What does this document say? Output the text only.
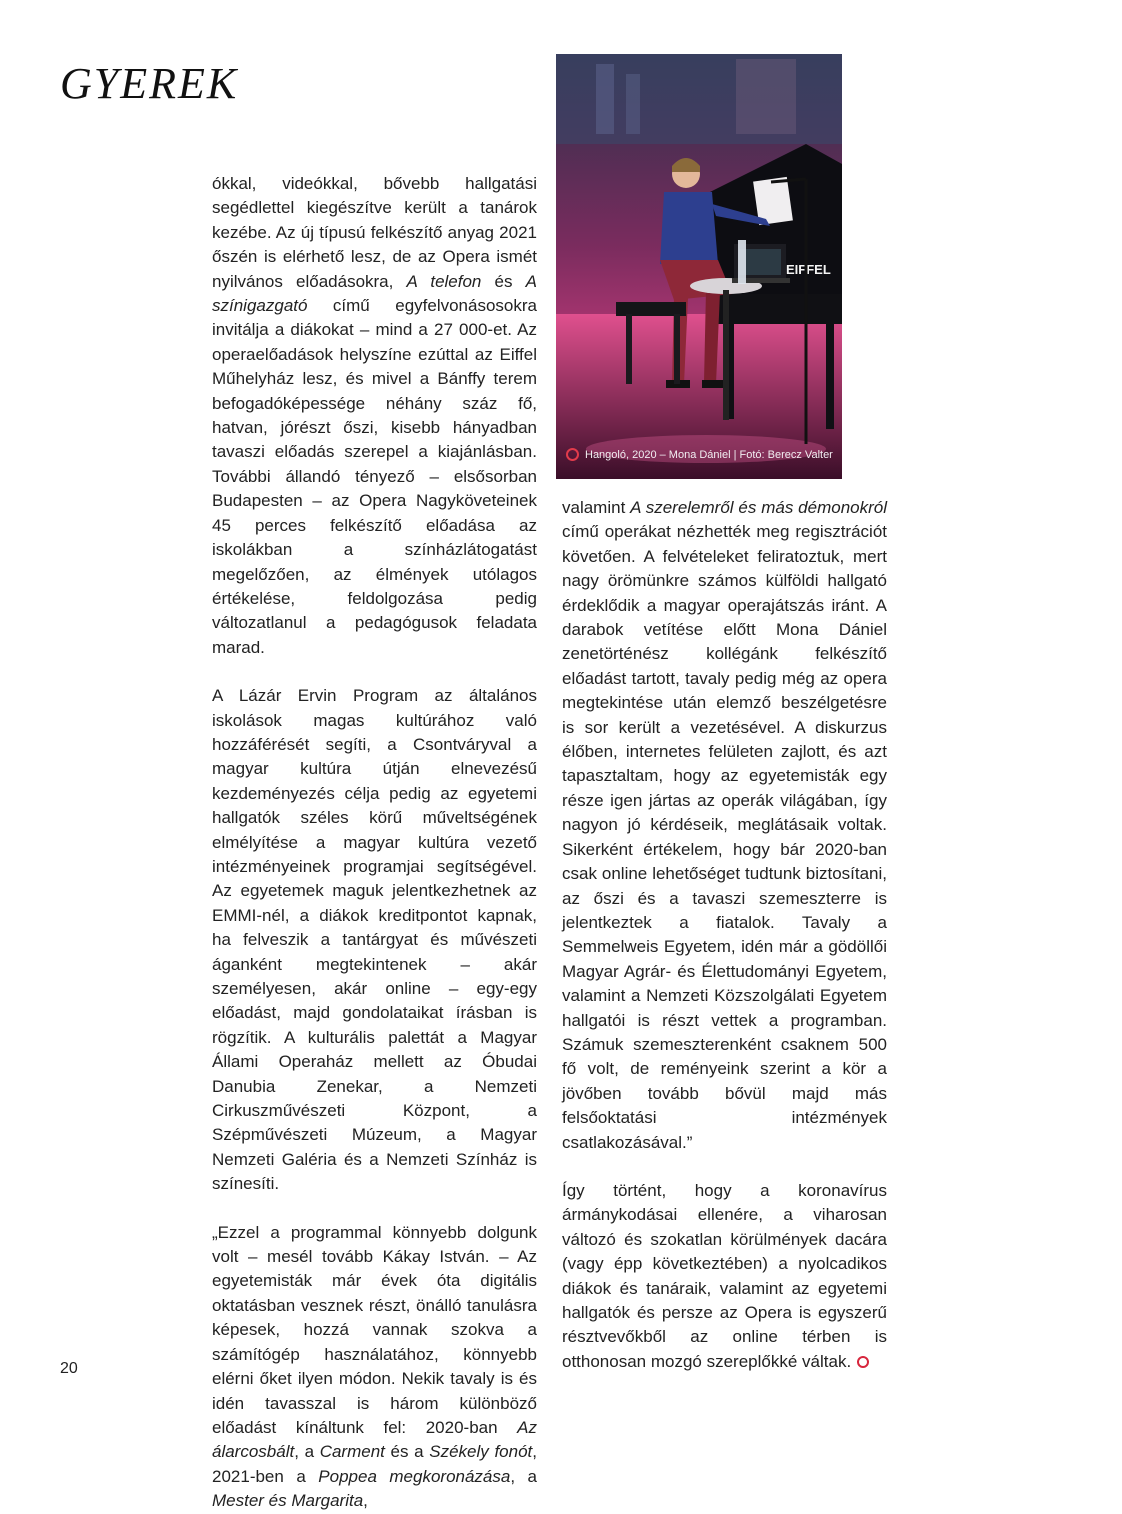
GYEREK
EIFFEL
Hangoló, 2020 – Mona Dániel | Fotó: Berecz Valter

ókkal, videókkal, bővebb hallgatási segédlettel kiegészítve került a tanárok kezébe. Az új típusú felkészítő anyag 2021 őszén is elérhető lesz, de az Opera ismét nyilvános előadásokra, A telefon és A színigazgató című egyfelvonásosokra invitálja a diákokat – mind a 27 000-et. Az operaelőadások helyszíne ezúttal az Eiffel Műhelyház lesz, és mivel a Bánffy terem befogadóképessége néhány száz fő, hatvan, jórészt őszi, kisebb hányadban tavaszi előadás szerepel a kiajánlásban. További állandó tényező – elsősorban Budapesten – az Opera Nagyköveteinek 45 perces felkészítő előadása az iskolákban a színházlátogatást megelőzően, az élmények utólagos értékelése, feldolgozása pedig változatlanul a pedagógusok feladata marad.

A Lázár Ervin Program az általános iskolások magas kultúrához való hozzáférését segíti, a Csontváryval a magyar kultúra útján elnevezésű kezdeményezés célja pedig az egyetemi hallgatók széles körű műveltségének elmélyítése a magyar kultúra vezető intézményeinek programjai segítségével. Az egyetemek maguk jelentkezhetnek az EMMI-nél, a diákok kreditpontot kapnak, ha felveszik a tantárgyat és művészeti áganként megtekintenek – akár személyesen, akár online – egy-egy előadást, majd gondolataikat írásban is rögzítik. A kulturális palettát a Magyar Állami Operaház mellett az Óbudai Danubia Zenekar, a Nemzeti Cirkuszművészeti Központ, a Szépművészeti Múzeum, a Magyar Nemzeti Galéria és a Nemzeti Színház is színesíti.

„Ezzel a programmal könnyebb dolgunk volt – mesél tovább Kákay István. – Az egyetemisták már évek óta digitális oktatásban vesznek részt, önálló tanulásra képesek, hozzá vannak szokva a számítógép használatához, könnyebb elérni őket ilyen módon. Nekik tavaly is és idén tavasszal is három különböző előadást kínáltunk fel: 2020-ban Az álarcosbált, a Carment és a Székely fonót, 2021-ben a Poppea megkoronázása, a Mester és Margarita,

valamint A szerelemről és más démonokról című operákat nézhették meg regisztrációt követően. A felvételeket feliratoztuk, mert nagy örömünkre számos külföldi hallgató érdeklődik a magyar operajátszás iránt. A darabok vetítése előtt Mona Dániel zenetörténész kollégánk felkészítő előadást tartott, tavaly pedig még az opera megtekintése után elemző beszélgetésre is sor került a vezetésével. A diskurzus élőben, internetes felületen zajlott, és azt tapasztaltam, hogy az egyetemisták egy része igen jártas az operák világában, így nagyon jó kérdéseik, meglátásaik voltak. Sikerként értékelem, hogy bár 2020-ban csak online lehetőséget tudtunk biztosítani, az őszi és a tavaszi szemeszterre is jelentkeztek a fiatalok. Tavaly a Semmelweis Egyetem, idén már a gödöllői Magyar Agrár- és Élettudományi Egyetem, valamint a Nemzeti Közszolgálati Egyetem hallgatói is részt vettek a programban. Számuk szemeszterenként csaknem 500 fő volt, de reményeink szerint a kör a jövőben tovább bővül majd más felsőoktatási intézmények csatlakozásával.”

Így történt, hogy a koronavírus ármánykodásai ellenére, a viharosan változó és szokatlan körülmények dacára (vagy épp következtében) a nyolcadikos diákok és tanáraik, valamint az egyetemi hallgatók és persze az Opera is egyszerű résztvevőkből az online térben is otthonosan mozgó szereplőkké váltak.

20
